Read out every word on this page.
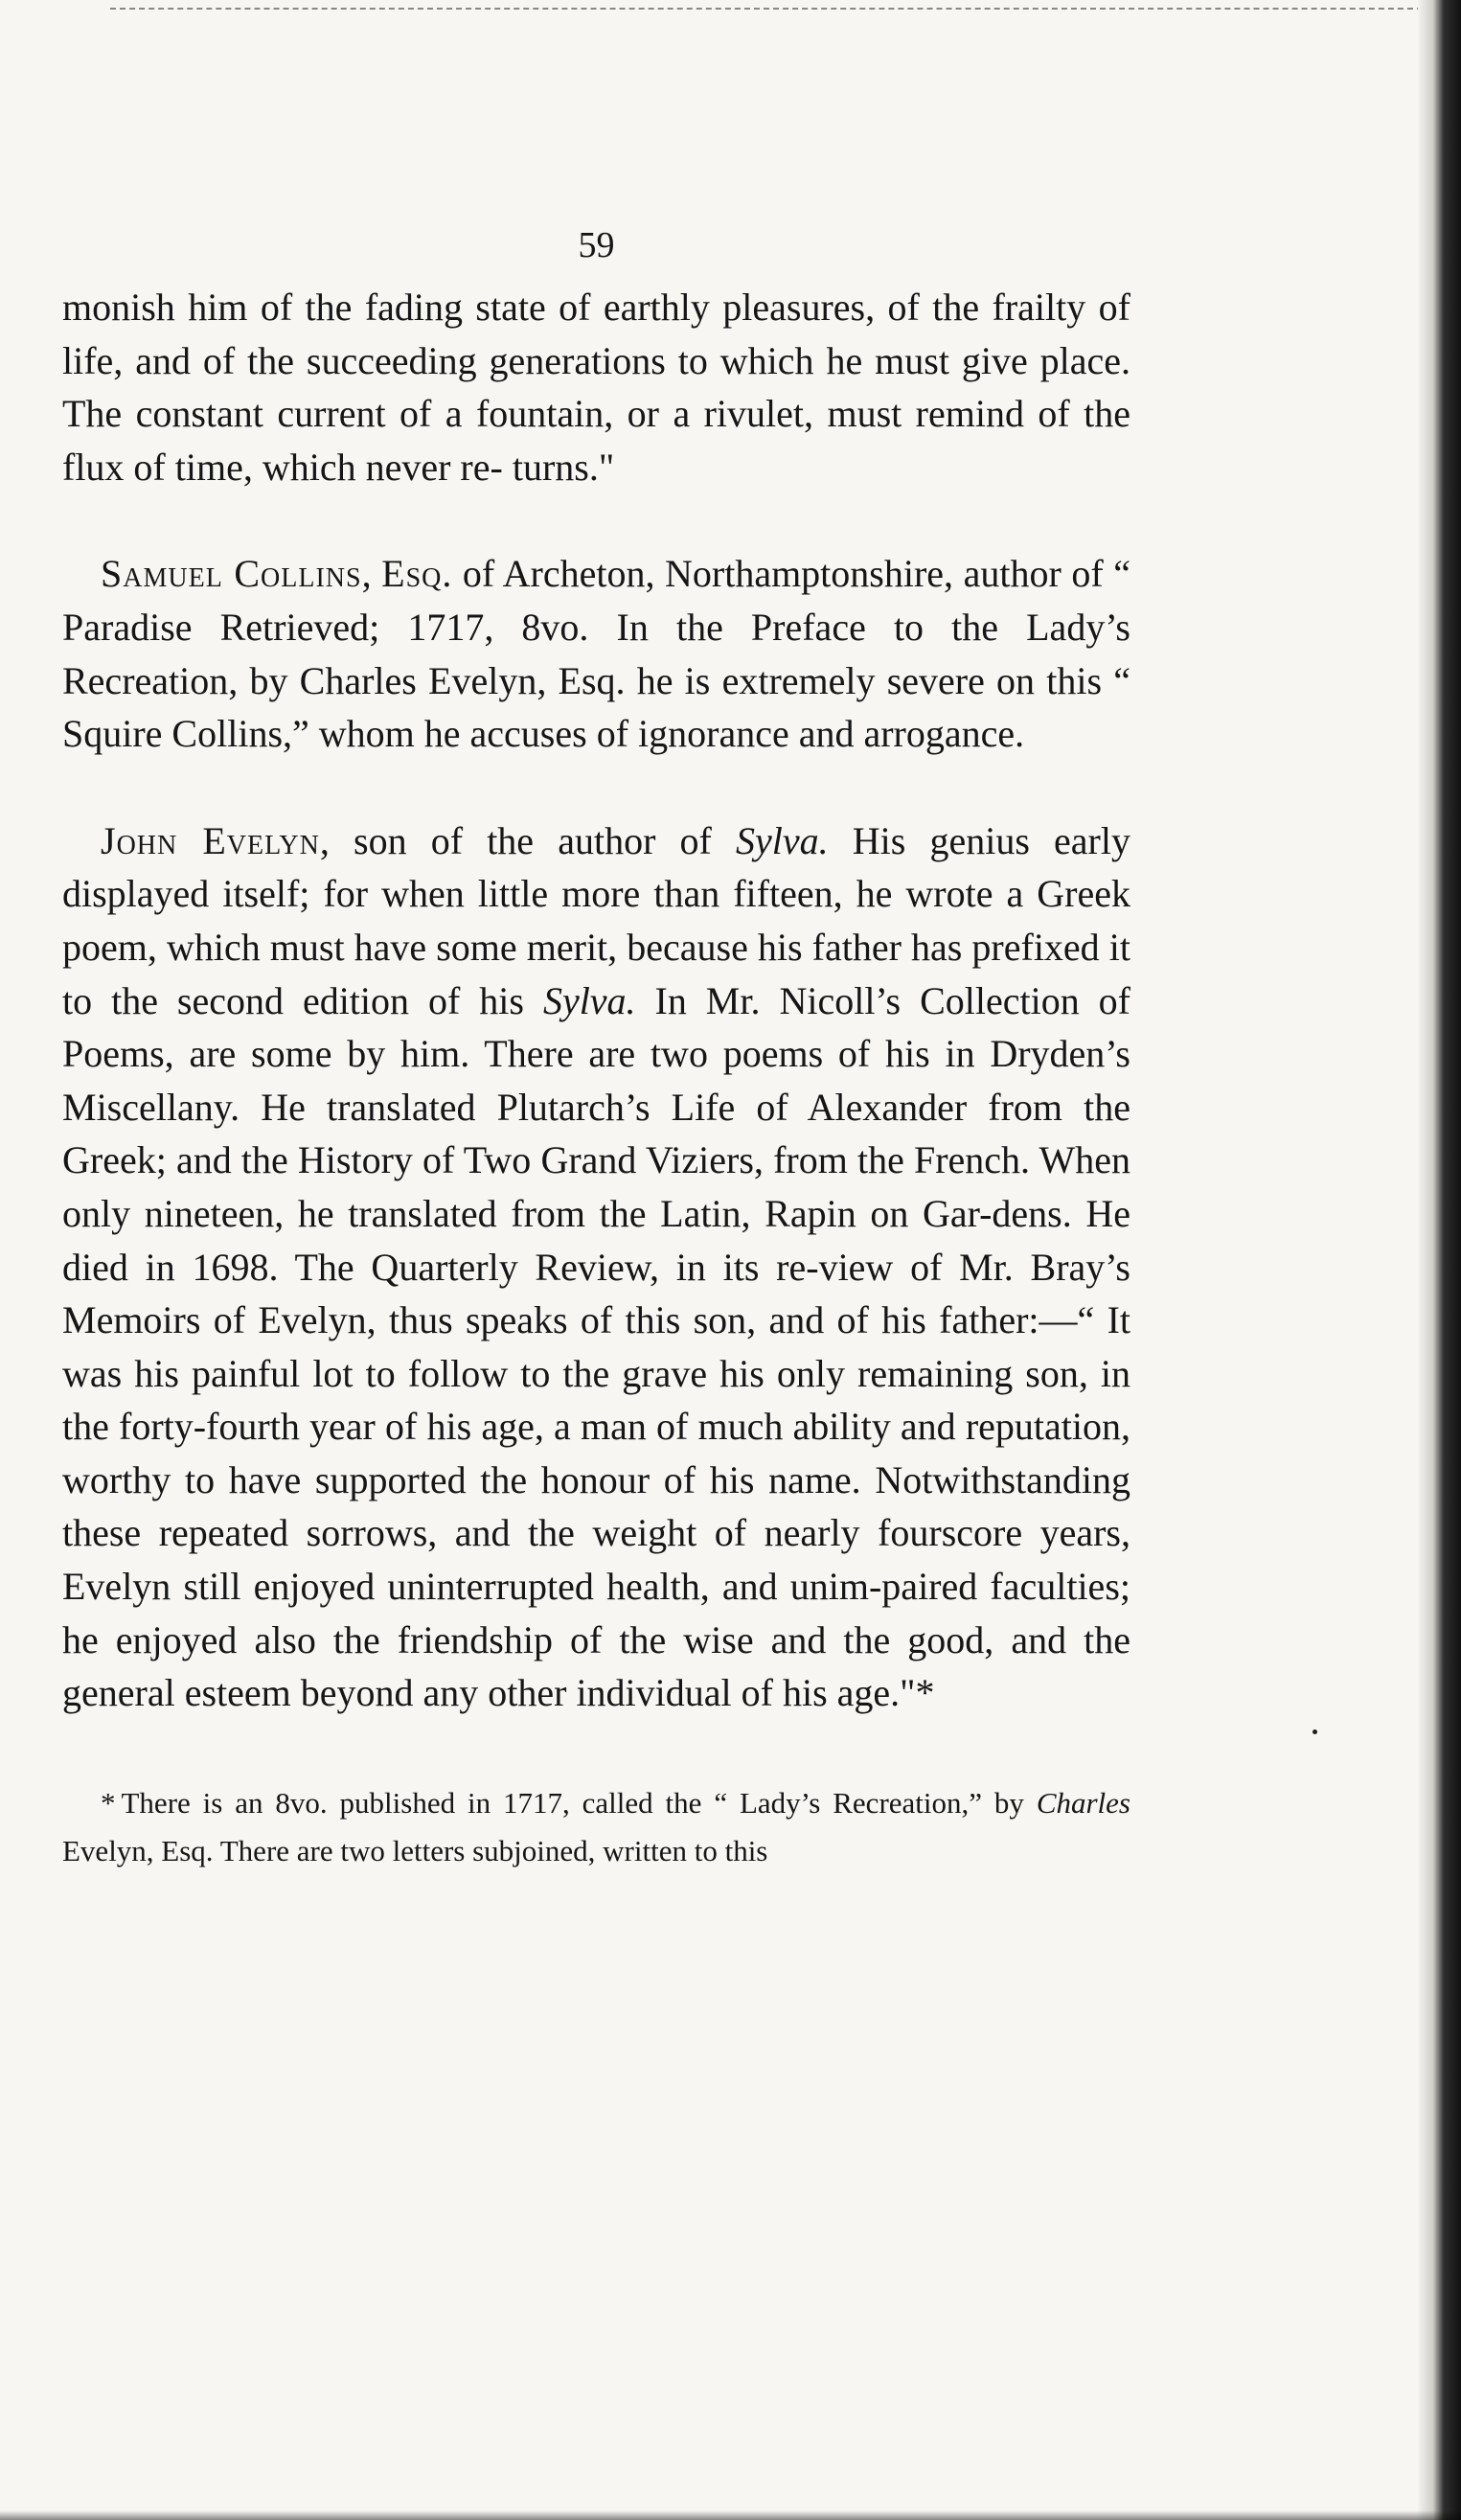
59

monish him of the fading state of earthly pleasures, of the frailty of life, and of the succeeding generations to which he must give place. The constant current of a fountain, or a rivulet, must remind of the flux of time, which never re- turns."

Samuel Collins, Esq. of Archeton, Northamptonshire, author of “ Paradise Retrieved; 1717, 8vo. In the Preface to the Lady’s Recreation, by Charles Evelyn, Esq. he is extremely severe on this “ Squire Collins,” whom he accuses of ignorance and arrogance.

John Evelyn, son of the author of Sylva. His genius early displayed itself; for when little more than fifteen, he wrote a Greek poem, which must have some merit, because his father has prefixed it to the second edition of his Sylva. In Mr. Nicoll’s Collection of Poems, are some by him. There are two poems of his in Dryden’s Miscellany. He translated Plutarch’s Life of Alexander from the Greek; and the History of Two Grand Viziers, from the French. When only nineteen, he translated from the Latin, Rapin on Gar-dens. He died in 1698. The Quarterly Review, in its re-view of Mr. Bray’s Memoirs of Evelyn, thus speaks of this son, and of his father:—“ It was his painful lot to follow to the grave his only remaining son, in the forty-fourth year of his age, a man of much ability and reputation, worthy to have supported the honour of his name. Notwithstanding these repeated sorrows, and the weight of nearly fourscore years, Evelyn still enjoyed uninterrupted health, and unim-paired faculties; he enjoyed also the friendship of the wise and the good, and the general esteem beyond any other individual of his age."*

* There is an 8vo. published in 1717, called the “ Lady’s Recreation,” by Charles Evelyn, Esq. There are two letters subjoined, written to this
